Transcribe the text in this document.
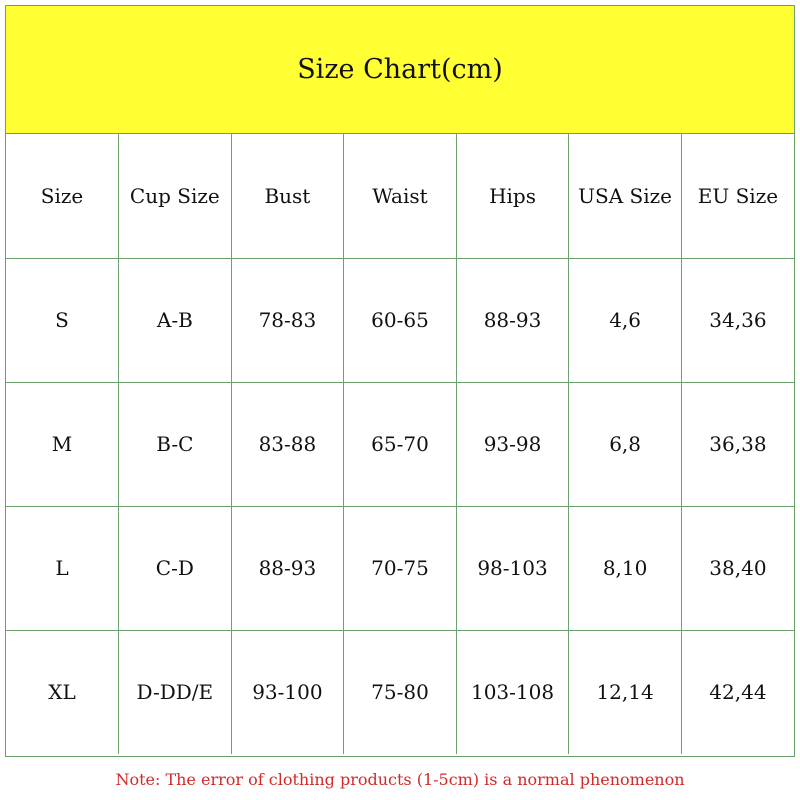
Size Chart(cm)
Size	Cup Size	Bust	Waist	Hips	USA Size	EU Size
S	A-B	78-83	60-65	88-93	4,6	34,36
M	B-C	83-88	65-70	93-98	6,8	36,38
L	C-D	88-93	70-75	98-103	8,10	38,40
XL	D-DD/E	93-100	75-80	103-108	12,14	42,44
Note: The error of clothing products (1-5cm) is a normal phenomenon
